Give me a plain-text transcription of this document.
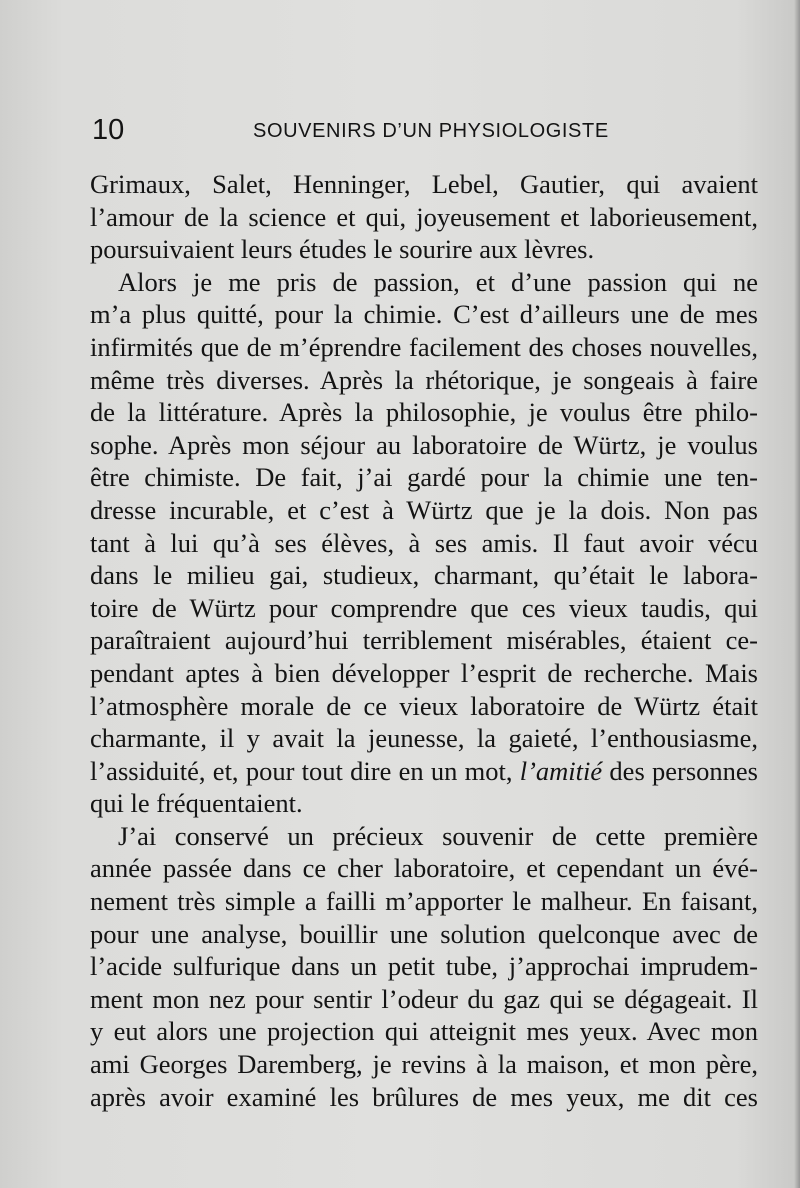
10	SOUVENIRS D’UN PHYSIOLOGISTE
Grimaux, Salet, Henninger, Lebel, Gautier, qui avaient
l’amour de la science et qui, joyeusement et laborieusement,
poursuivaient leurs études le sourire aux lèvres.
Alors je me pris de passion, et d’une passion qui ne
m’a plus quitté, pour la chimie. C’est d’ailleurs une de mes
infirmités que de m’éprendre facilement des choses nouvelles,
même très diverses. Après la rhétorique, je songeais à faire
de la littérature. Après la philosophie, je voulus être philo-
sophe. Après mon séjour au laboratoire de Würtz, je voulus
être chimiste. De fait, j’ai gardé pour la chimie une ten-
dresse incurable, et c’est à Würtz que je la dois. Non pas
tant à lui qu’à ses élèves, à ses amis. Il faut avoir vécu
dans le milieu gai, studieux, charmant, qu’était le labora-
toire de Würtz pour comprendre que ces vieux taudis, qui
paraîtraient aujourd’hui terriblement misérables, étaient ce-
pendant aptes à bien développer l’esprit de recherche. Mais
l’atmosphère morale de ce vieux laboratoire de Würtz était
charmante, il y avait la jeunesse, la gaieté, l’enthousiasme,
l’assiduité, et, pour tout dire en un mot, l’amitié des personnes
qui le fréquentaient.
J’ai conservé un précieux souvenir de cette première
année passée dans ce cher laboratoire, et cependant un évé-
nement très simple a failli m’apporter le malheur. En faisant,
pour une analyse, bouillir une solution quelconque avec de
l’acide sulfurique dans un petit tube, j’approchai imprudem-
ment mon nez pour sentir l’odeur du gaz qui se dégageait. Il
y eut alors une projection qui atteignit mes yeux. Avec mon
ami Georges Daremberg, je revins à la maison, et mon père,
après avoir examiné les brûlures de mes yeux, me dit ces
